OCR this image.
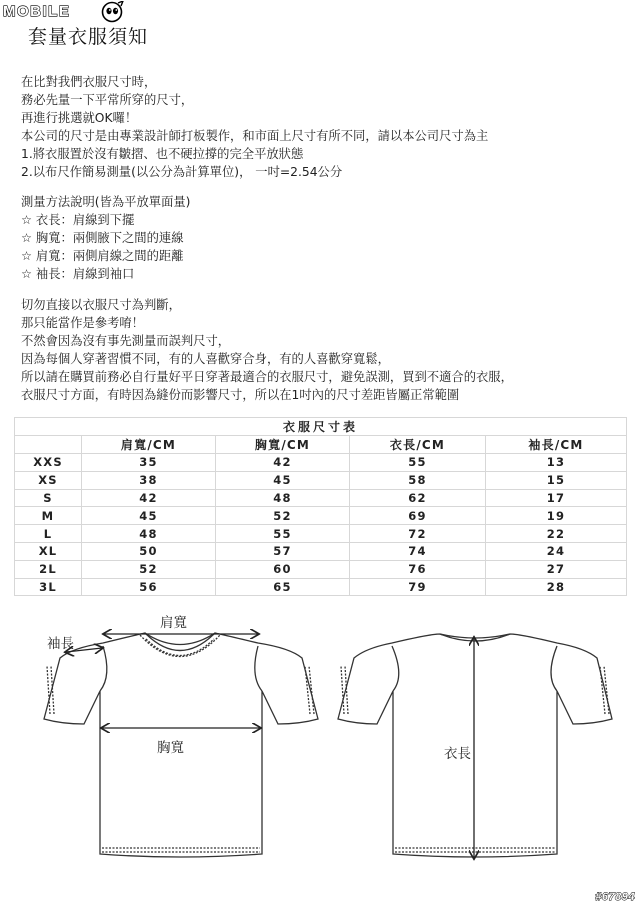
MOBILE
套量衣服須知
在比對我們衣服尺寸時，
務必先量一下平常所穿的尺寸，
再進行挑選就OK囉！
本公司的尺寸是由專業設計師打板製作，和市面上尺寸有所不同，請以本公司尺寸為主
1.將衣服置於沒有皺摺、也不硬拉撐的完全平放狀態
2.以布尺作簡易測量(以公分為計算單位)， 一吋=2.54公分
測量方法說明(皆為平放單面量)
☆ 衣長：肩線到下擺
☆ 胸寬：兩側腋下之間的連線
☆ 肩寬：兩側肩線之間的距離
☆ 袖長：肩線到袖口
切勿直接以衣服尺寸為判斷，
那只能當作是參考唷！
不然會因為沒有事先測量而誤判尺寸，
因為每個人穿著習慣不同，有的人喜歡穿合身，有的人喜歡穿寬鬆，
所以請在購買前務必自行量好平日穿著最適合的衣服尺寸，避免誤測，買到不適合的衣服，
衣服尺寸方面，有時因為縫份而影響尺寸，所以在1吋內的尺寸差距皆屬正常範圍
衣服尺寸表				
	肩寬/CM	胸寬/CM	衣長/CM	袖長/CM
XXS	35	42	55	13
XS	38	45	58	15
S	42	48	62	17
M	45	52	69	19
L	48	55	72	22
XL	50	57	74	24
2L	52	60	76	27
3L	56	65	79	28
肩寬
袖長
胸寬	衣長
#67894
